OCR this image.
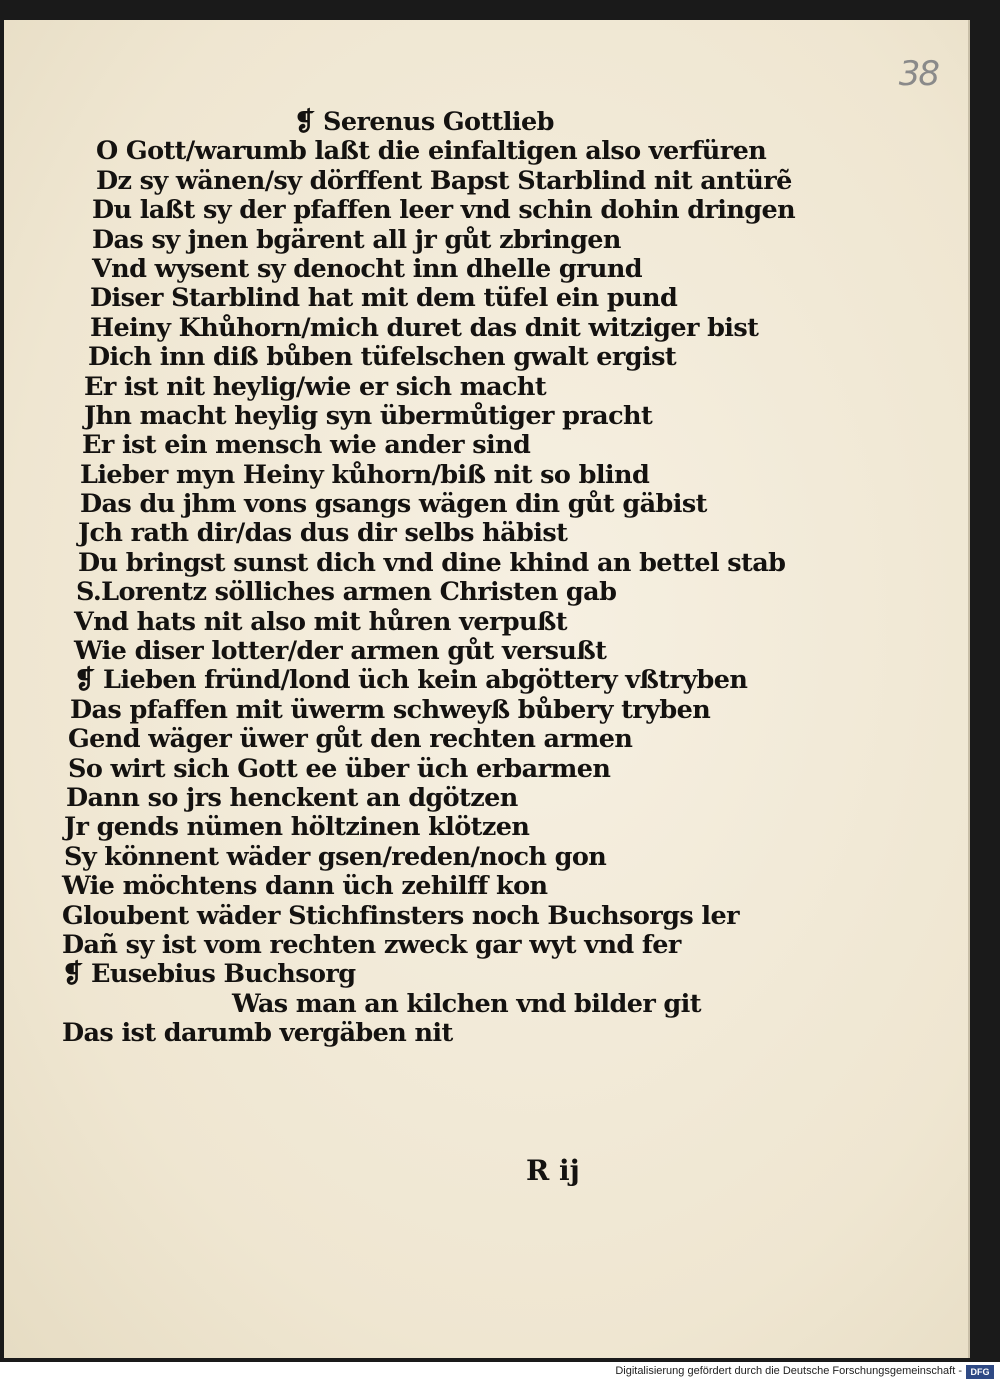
38
❡ Serenus Gottlieb
O Gott/warumb laßt die einfaltigen also verfüren
Dz sy wänen/sy dörffent Bapst Starblind nit antürẽ
Du laßt sy der pfaffen leer vnd schin dohin dringen
Das sy jnen bgärent all jr gůt zbringen
Vnd wysent sy denocht inn dhelle grund
Diser Starblind hat mit dem tüfel ein pund
Heiny Khůhorn/mich duret das dnit witziger bist
Dich inn diß bůben tüfelschen gwalt ergist
Er ist nit heylig/wie er sich macht
Jhn macht heylig syn übermůtiger pracht
Er ist ein mensch wie ander sind
Lieber myn Heiny kůhorn/biß nit so blind
Das du jhm vons gsangs wägen din gůt gäbist
Jch rath dir/das dus dir selbs häbist
Du bringst sunst dich vnd dine khind an bettel stab
S.Lorentz sölliches armen Christen gab
Vnd hats nit also mit hůren verpußt
Wie diser lotter/der armen gůt versußt
❡ Lieben fründ/lond üch kein abgöttery vßtryben
Das pfaffen mit üwerm schweyß bůbery tryben
Gend wäger üwer gůt den rechten armen
So wirt sich Gott ee über üch erbarmen
Dann so jrs henckent an dgötzen
Jr gends nümen höltzinen klötzen
Sy könnent wäder gsen/reden/noch gon
Wie möchtens dann üch zehilff kon
Gloubent wäder Stichfinsters noch Buchsorgs ler
Dañ sy ist vom rechten zweck gar wyt vnd fer
❡ Eusebius Buchsorg
Was man an kilchen vnd bilder git
Das ist darumb vergäben nit
R ij
Digitalisierung gefördert durch die Deutsche Forschungsgemeinschaft - DFG
